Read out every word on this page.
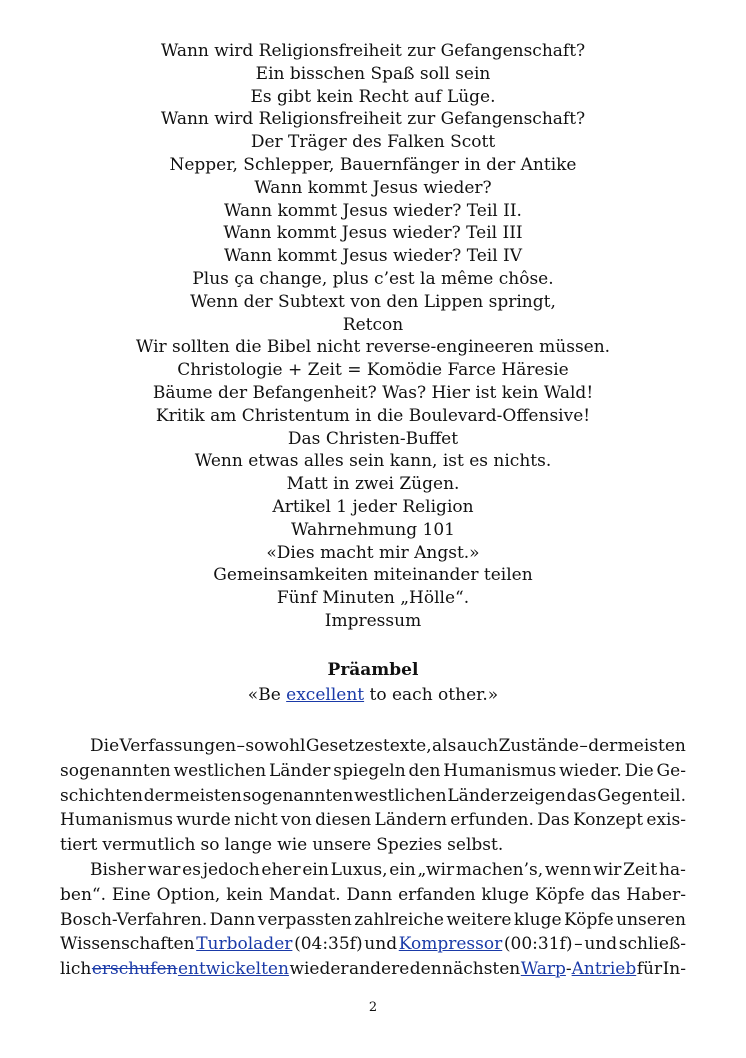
Wann wird Religionsfreiheit zur Gefangenschaft?
Ein bisschen Spaß soll sein
Es gibt kein Recht auf Lüge.
Wann wird Religionsfreiheit zur Gefangenschaft?
Der Träger des Falken Scott
Nepper, Schlepper, Bauernfänger in der Antike
Wann kommt Jesus wieder?
Wann kommt Jesus wieder? Teil II.
Wann kommt Jesus wieder? Teil III
Wann kommt Jesus wieder? Teil IV
Plus ça change, plus c’est la même chôse.
Wenn der Subtext von den Lippen springt,
Retcon
Wir sollten die Bibel nicht reverse-engineeren müssen.
Christologie + Zeit = Komödie Farce Häresie
Bäume der Befangenheit? Was? Hier ist kein Wald!
Kritik am Christentum in die Boulevard-Offensive!
Das Christen-Buffet
Wenn etwas alles sein kann, ist es nichts.
Matt in zwei Zügen.
Artikel 1 jeder Religion
Wahrnehmung 101
«Dies macht mir Angst.»
Gemeinsamkeiten miteinander teilen
Fünf Minuten „Hölle“.
Impressum
Präambel
«Be excellent to each other.»
Die Verfassungen – sowohl Gesetzestexte, als auch Zustände – der meisten
sogenannten westlichen Länder spiegeln den Humanismus wieder. Die Ge-
schichten der meisten sogenannten westlichen Länder zeigen das Gegenteil.
Humanismus wurde nicht von diesen Ländern erfunden. Das Konzept exis-
tiert vermutlich so lange wie unsere Spezies selbst.
Bisher war es jedoch eher ein Luxus, ein „wir machen’s, wenn wir Zeit ha-
ben“. Eine Option, kein Mandat. Dann erfanden kluge Köpfe das Haber-
Bosch-Verfahren. Dann verpassten zahlreiche weitere kluge Köpfe unseren
Wissenschaften Turbolader (04:35f) und Kompressor (00:31f) – und schließ-
lich erschufen entwickelten wieder andere den nächsten Warp-Antrieb für In-
2
